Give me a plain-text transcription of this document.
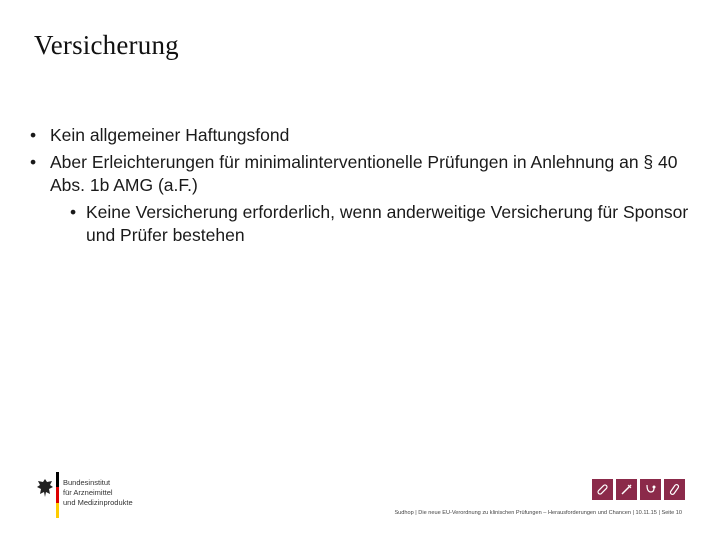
Versicherung
• Kein allgemeiner Haftungsfond
• Aber Erleichterungen für minimalinterventionelle Prüfungen in Anlehnung an § 40 Abs. 1b AMG (a.F.)
• Keine Versicherung erforderlich, wenn anderweitige Versicherung für Sponsor und Prüfer bestehen
Bundesinstitut
für Arzneimittel
und Medizinprodukte
Sudhop | Die neue EU-Verordnung zu klinischen Prüfungen – Herausforderungen und Chancen | 10.11.15 | Seite 10
